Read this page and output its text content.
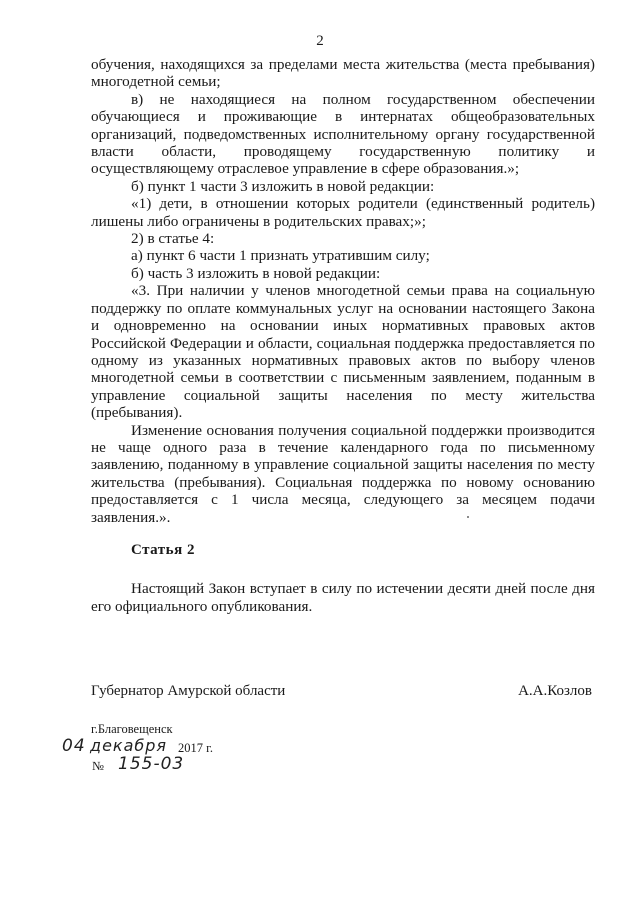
2

обучения, находящихся за пределами места жительства (места пребывания) многодетной семьи;

в) не находящиеся на полном государственном обеспечении обучающиеся и проживающие в интернатах общеобразовательных организаций, подведомственных исполнительному органу государственной власти области, проводящему государственную политику и осуществляющему отраслевое управление в сфере образования.»;

б) пункт 1 части 3 изложить в новой редакции:

«1) дети, в отношении которых родители (единственный родитель) лишены либо ограничены в родительских правах;»;

2) в статье 4:

а) пункт 6 части 1 признать утратившим силу;

б) часть 3 изложить в новой редакции:

«3. При наличии у членов многодетной семьи права на социальную поддержку по оплате коммунальных услуг на основании настоящего Закона и одновременно на основании иных нормативных правовых актов Российской Федерации и области, социальная поддержка предоставляется по одному из указанных нормативных правовых актов по выбору членов многодетной семьи в соответствии с письменным заявлением, поданным в управление социальной защиты населения по месту жительства (пребывания).

Изменение основания получения социальной поддержки производится не чаще одного раза в течение календарного года по письменному заявлению, поданному в управление социальной защиты населения по месту жительства (пребывания). Социальная поддержка по новому основанию предоставляется с 1 числа месяца, следующего за месяцем подачи заявления.».

Статья 2

Настоящий Закон вступает в силу по истечении десяти дней после дня его официального опубликования.

Губернатор Амурской области	А.А.Козлов
г.Благовещенск
04 декабря 2017 г.
№ 155-03
